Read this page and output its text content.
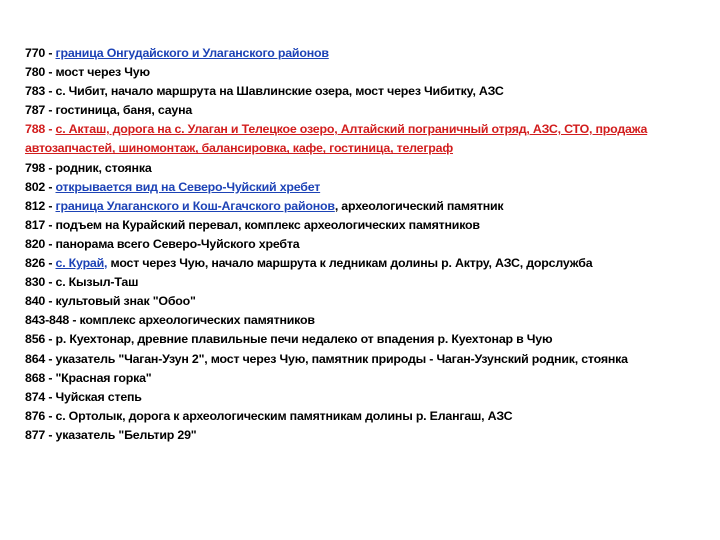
770 - граница Онгудайского и Улаганского районов
780 - мост через Чую
783 - с. Чибит, начало маршрута на Шавлинские озера, мост через Чибитку, АЗС
787 - гостиница, баня, сауна
788 - с. Акташ, дорога на с. Улаган и Телецкое озеро, Алтайский пограничный отряд, АЗС, СТО, продажа автозапчастей, шиномонтаж, балансировка, кафе, гостиница, телеграф
798 - родник, стоянка
802 - открывается вид на Северо-Чуйский хребет
812 - граница Улаганского и Кош-Агачского районов, археологический памятник
817 - подъем на Курайский перевал, комплекс археологических памятников
820 - панорама всего Северо-Чуйского хребта
826 - с. Курай, мост через Чую, начало маршрута к ледникам долины р. Актру, АЗС, дорслужба
830 - с. Кызыл-Таш
840 - культовый знак "Обоо"
843-848 - комплекс археологических памятников
856 - р. Куехтонар, древние плавильные печи недалеко от впадения р. Куехтонар в Чую
864 - указатель "Чаган-Узун 2", мост через Чую, памятник природы - Чаган-Узунский родник, стоянка
868 - "Красная горка"
874 - Чуйская степь
876 - с. Ортолык, дорога к археологическим памятникам долины р. Елангаш, АЗС
877 - указатель "Бельтир 29"
